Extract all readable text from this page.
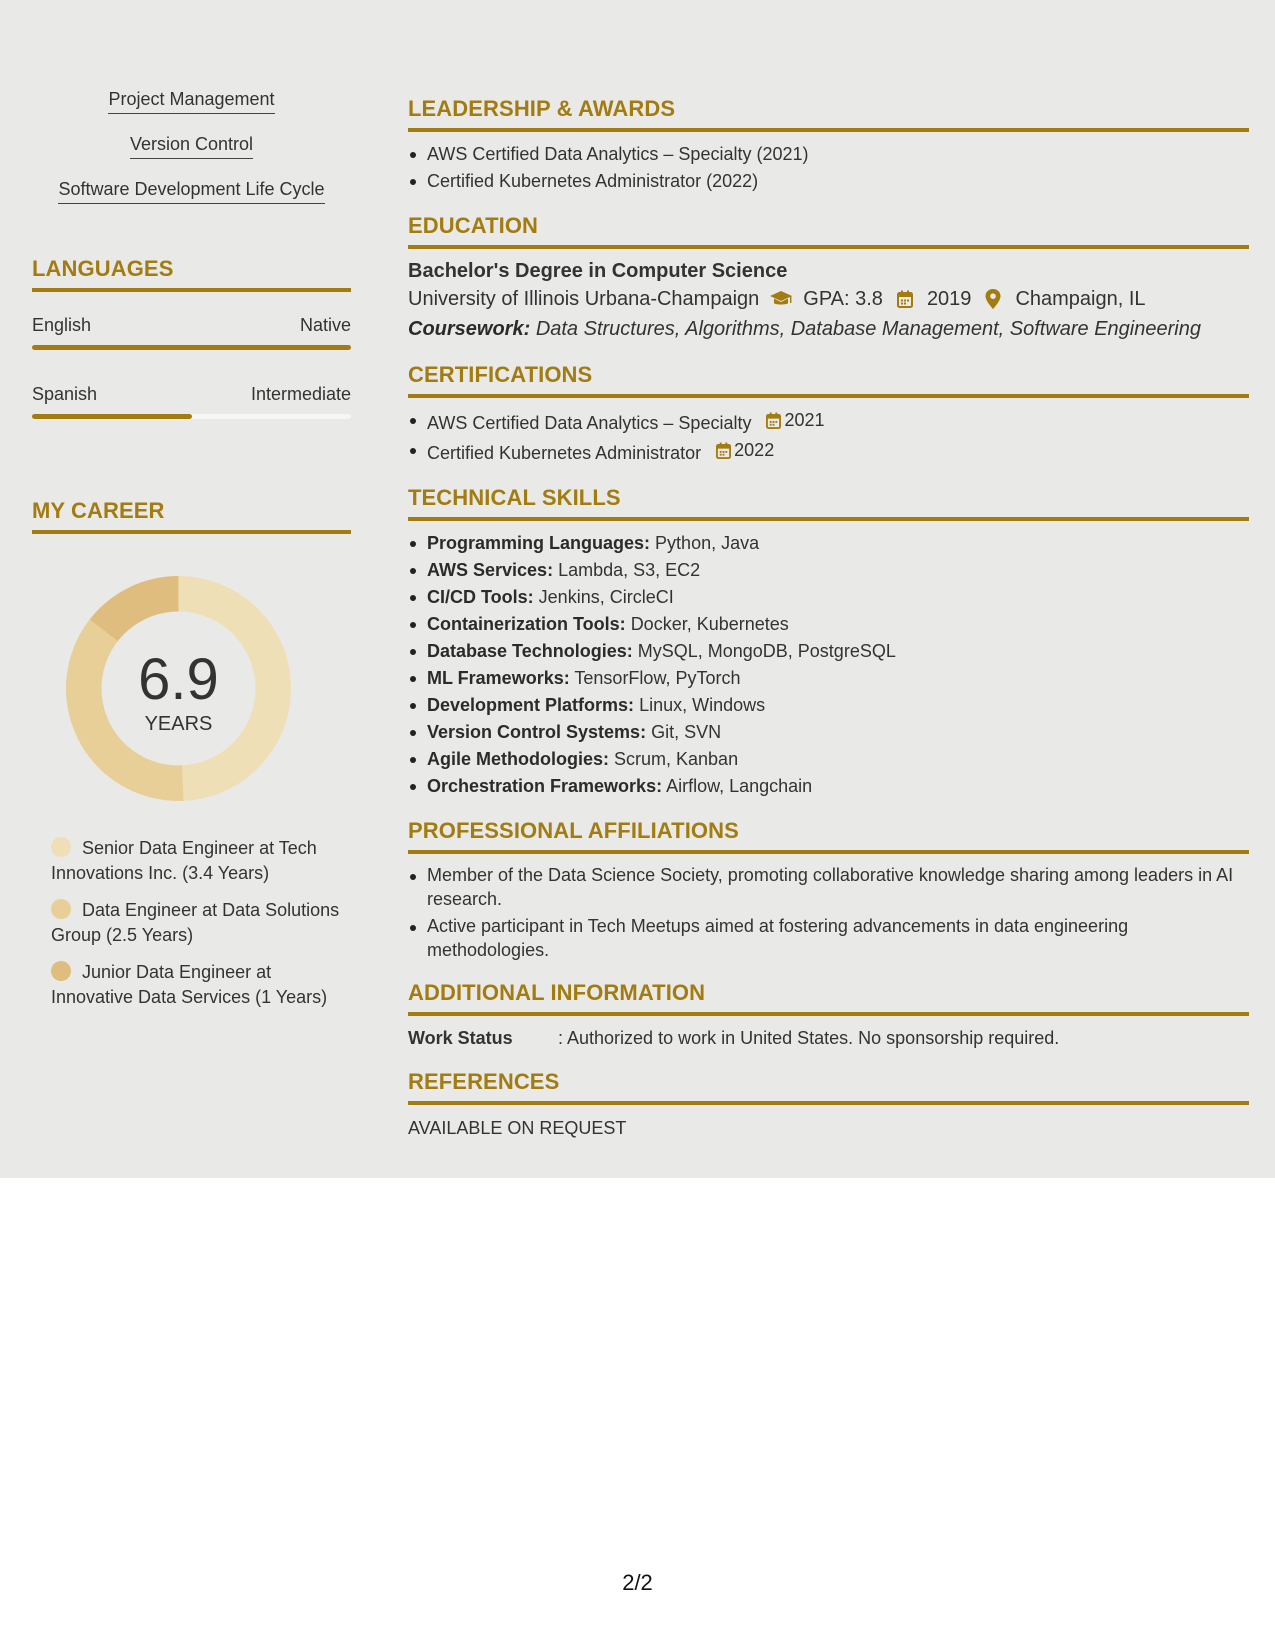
Project Management
Version Control
Software Development Life Cycle
LANGUAGES
English	Native
Spanish	Intermediate
MY CAREER
6.9
YEARS
Senior Data Engineer at Tech Innovations Inc. (3.4 Years)
Data Engineer at Data Solutions Group (2.5 Years)
Junior Data Engineer at Innovative Data Services (1 Years)
LEADERSHIP & AWARDS
AWS Certified Data Analytics – Specialty (2021)
Certified Kubernetes Administrator (2022)
EDUCATION
Bachelor's Degree in Computer Science
University of Illinois Urbana-Champaign GPA: 3.8 2019 Champaign, IL
Coursework: Data Structures, Algorithms, Database Management, Software Engineering
CERTIFICATIONS
AWS Certified Data Analytics – Specialty 2021
Certified Kubernetes Administrator 2022
TECHNICAL SKILLS
Programming Languages: Python, Java
AWS Services: Lambda, S3, EC2
CI/CD Tools: Jenkins, CircleCI
Containerization Tools: Docker, Kubernetes
Database Technologies: MySQL, MongoDB, PostgreSQL
ML Frameworks: TensorFlow, PyTorch
Development Platforms: Linux, Windows
Version Control Systems: Git, SVN
Agile Methodologies: Scrum, Kanban
Orchestration Frameworks: Airflow, Langchain
PROFESSIONAL AFFILIATIONS
Member of the Data Science Society, promoting collaborative knowledge sharing among leaders in AI research.
Active participant in Tech Meetups aimed at fostering advancements in data engineering methodologies.
ADDITIONAL INFORMATION
Work Status	: Authorized to work in United States. No sponsorship required.
REFERENCES
AVAILABLE ON REQUEST
2/2
